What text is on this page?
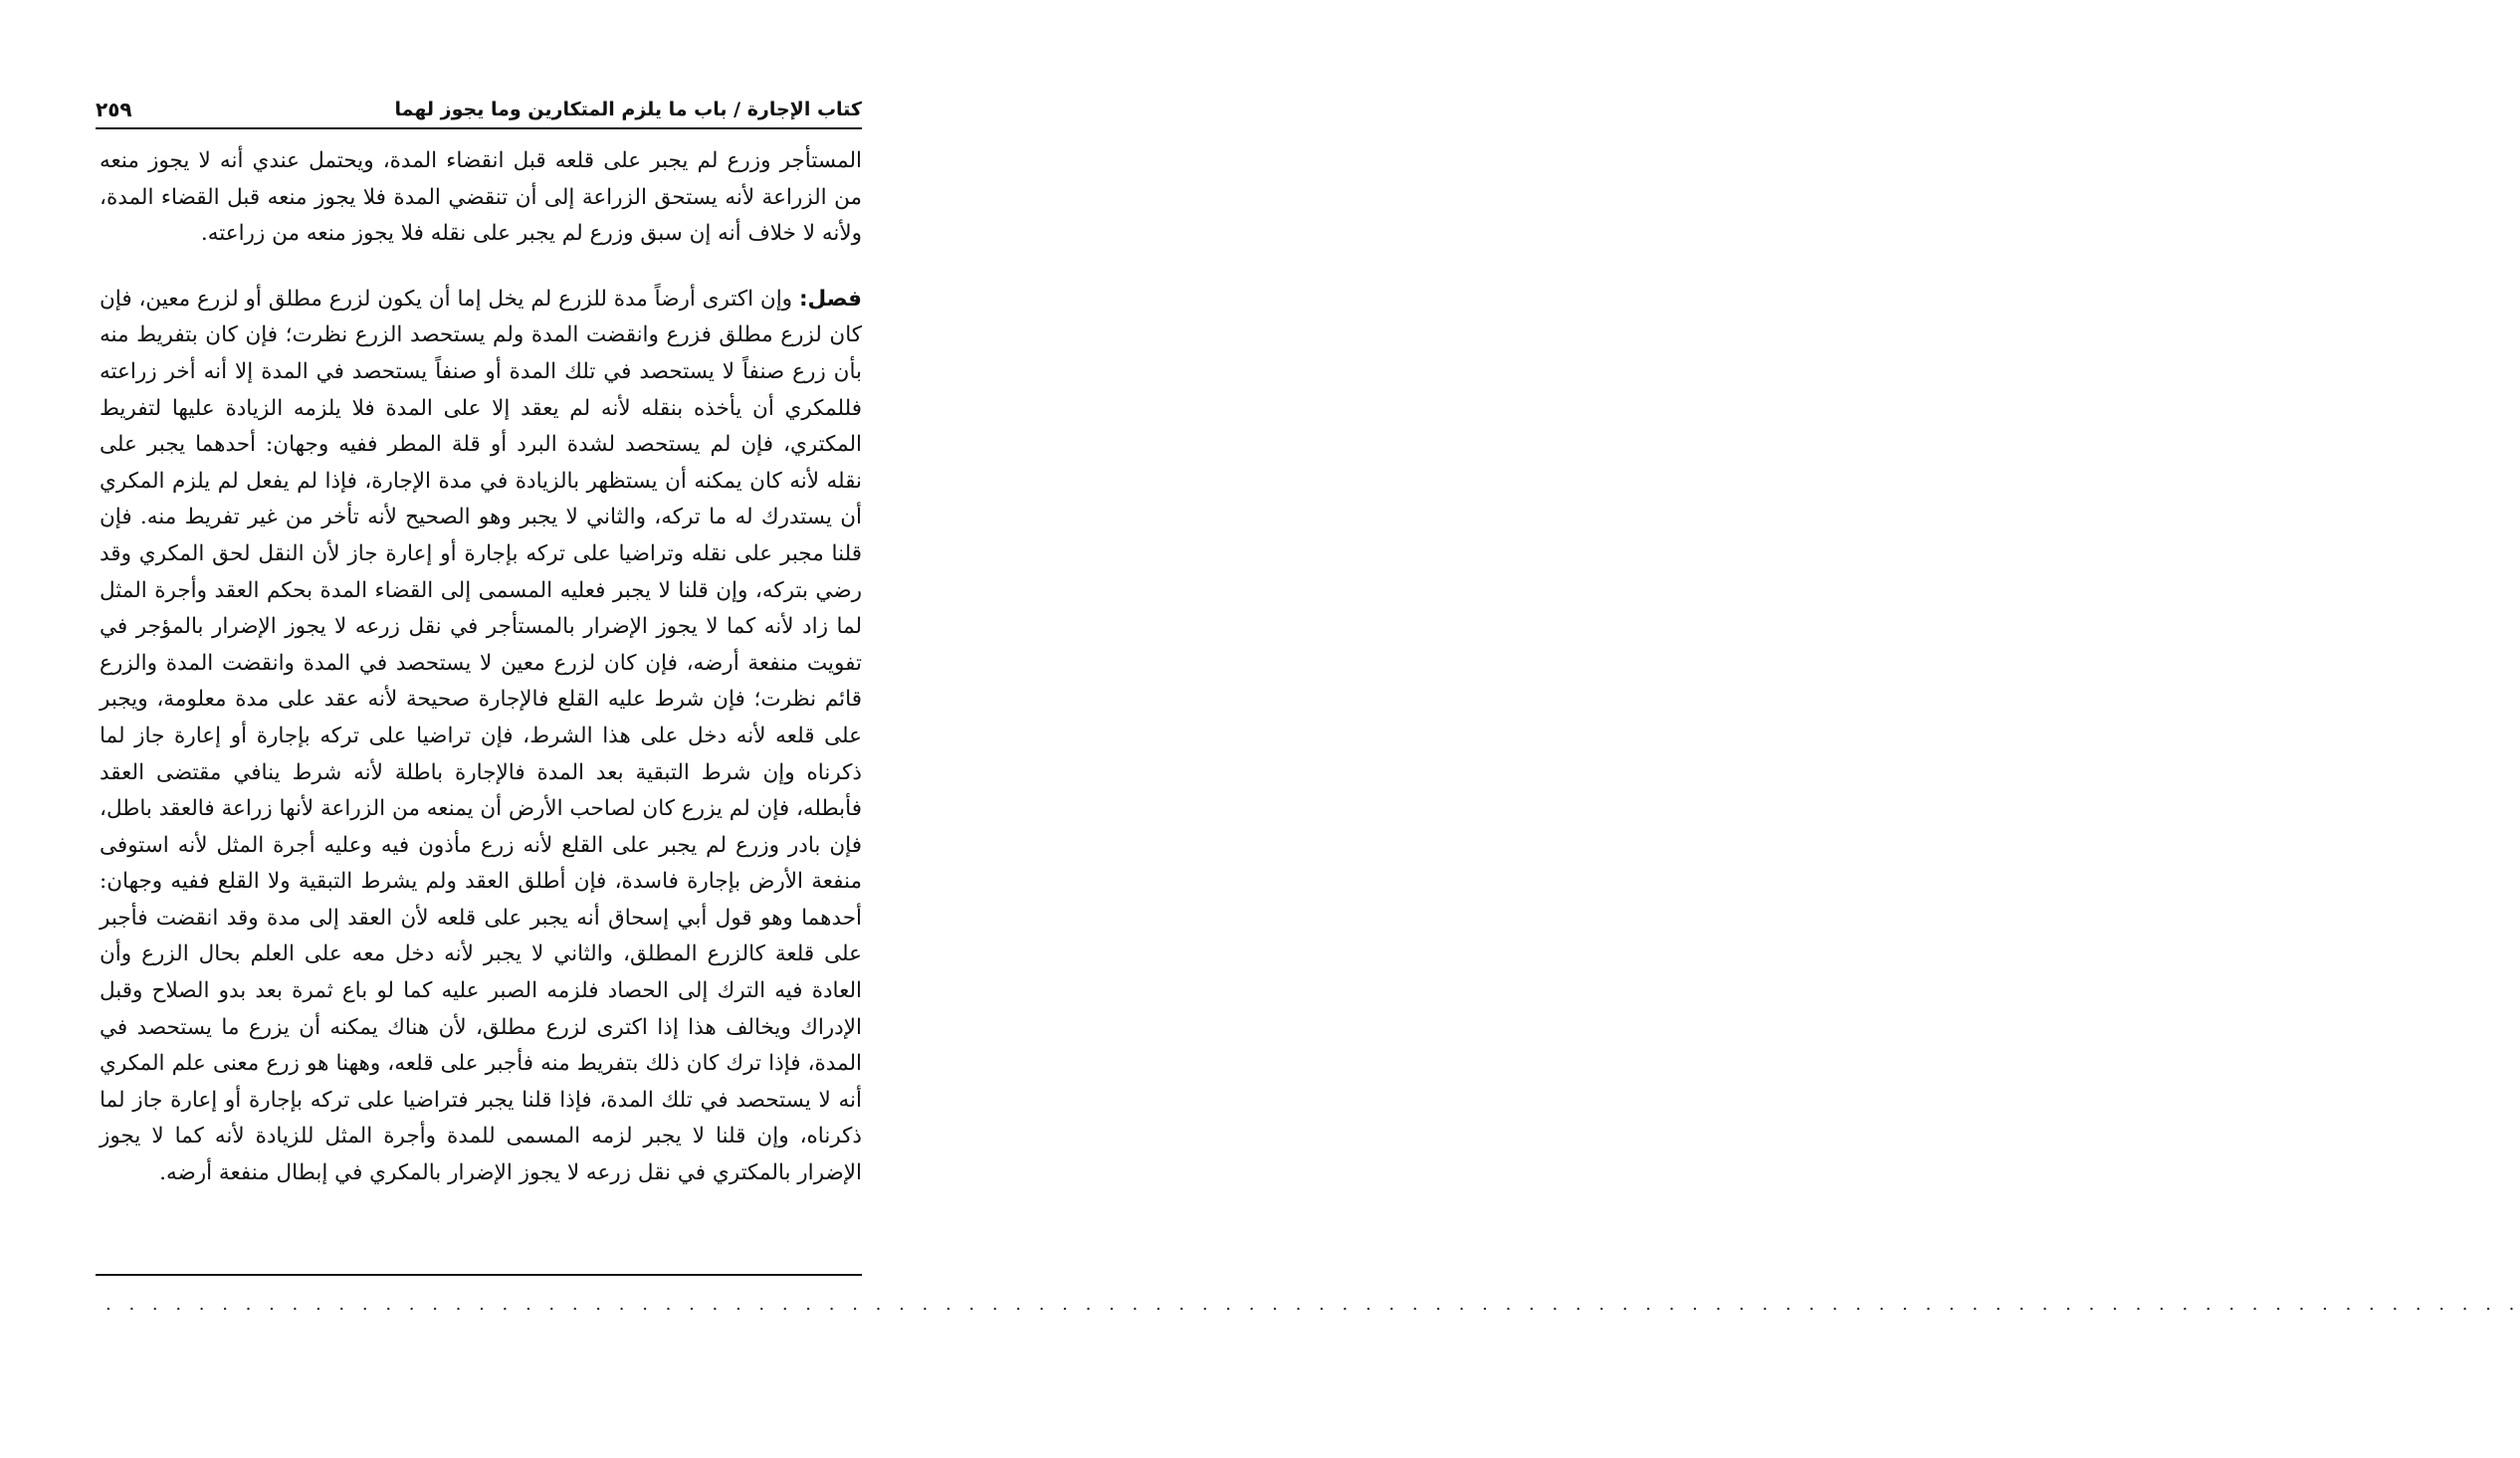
كتاب الإجارة / باب ما يلزم المتكارين وما يجوز لهما
٢٥٩

المستأجر وزرع لم يجبر على قلعه قبل انقضاء المدة، ويحتمل عندي أنه لا يجوز منعه من الزراعة لأنه يستحق الزراعة إلى أن تنقضي المدة فلا يجوز منعه قبل القضاء المدة، ولأنه لا خلاف أنه إن سبق وزرع لم يجبر على نقله فلا يجوز منعه من زراعته.

فصل: وإن اكترى أرضاً مدة للزرع لم يخل إما أن يكون لزرع مطلق أو لزرع معين، فإن كان لزرع مطلق فزرع وانقضت المدة ولم يستحصد الزرع نظرت؛ فإن كان بتفريط منه بأن زرع صنفاً لا يستحصد في تلك المدة أو صنفاً يستحصد في المدة إلا أنه أخر زراعته فللمكري أن يأخذه بنقله لأنه لم يعقد إلا على المدة فلا يلزمه الزيادة عليها لتفريط المكتري، فإن لم يستحصد لشدة البرد أو قلة المطر ففيه وجهان: أحدهما يجبر على نقله لأنه كان يمكنه أن يستظهر بالزيادة في مدة الإجارة، فإذا لم يفعل لم يلزم المكري أن يستدرك له ما تركه، والثاني لا يجبر وهو الصحيح لأنه تأخر من غير تفريط منه. فإن قلنا مجبر على نقله وتراضيا على تركه بإجارة أو إعارة جاز لأن النقل لحق المكري وقد رضي بتركه، وإن قلنا لا يجبر فعليه المسمى إلى القضاء المدة بحكم العقد وأجرة المثل لما زاد لأنه كما لا يجوز الإضرار بالمستأجر في نقل زرعه لا يجوز الإضرار بالمؤجر في تفويت منفعة أرضه، فإن كان لزرع معين لا يستحصد في المدة وانقضت المدة والزرع قائم نظرت؛ فإن شرط عليه القلع فالإجارة صحيحة لأنه عقد على مدة معلومة، ويجبر على قلعه لأنه دخل على هذا الشرط، فإن تراضيا على تركه بإجارة أو إعارة جاز لما ذكرناه وإن شرط التبقية بعد المدة فالإجارة باطلة لأنه شرط ينافي مقتضى العقد فأبطله، فإن لم يزرع كان لصاحب الأرض أن يمنعه من الزراعة لأنها زراعة فالعقد باطل، فإن بادر وزرع لم يجبر على القلع لأنه زرع مأذون فيه وعليه أجرة المثل لأنه استوفى منفعة الأرض بإجارة فاسدة، فإن أطلق العقد ولم يشرط التبقية ولا القلع ففيه وجهان: أحدهما وهو قول أبي إسحاق أنه يجبر على قلعه لأن العقد إلى مدة وقد انقضت فأجبر على قلعة كالزرع المطلق، والثاني لا يجبر لأنه دخل معه على العلم بحال الزرع وأن العادة فيه الترك إلى الحصاد فلزمه الصبر عليه كما لو باع ثمرة بعد بدو الصلاح وقبل الإدراك ويخالف هذا إذا اكترى لزرع مطلق، لأن هناك يمكنه أن يزرع ما يستحصد في المدة، فإذا ترك كان ذلك بتفريط منه فأجبر على قلعه، وههنا هو زرع معنى علم المكري أنه لا يستحصد في تلك المدة، فإذا قلنا يجبر فتراضيا على تركه بإجارة أو إعارة جاز لما ذكرناه، وإن قلنا لا يجبر لزمه المسمى للمدة وأجرة المثل للزيادة لأنه كما لا يجوز الإضرار بالمكتري في نقل زرعه لا يجوز الإضرار بالمكري في إبطال منفعة أرضه.

. . . . . . . . . . . . . . . . . . . . . . . . . . . . . . . . . . . . . . . . . . . . . . . . . . . . . . . . . . . . . . . . . . . . . . . . . . . . . . . . . . . . . . . . . . . . . . . . . . . . . . . .
